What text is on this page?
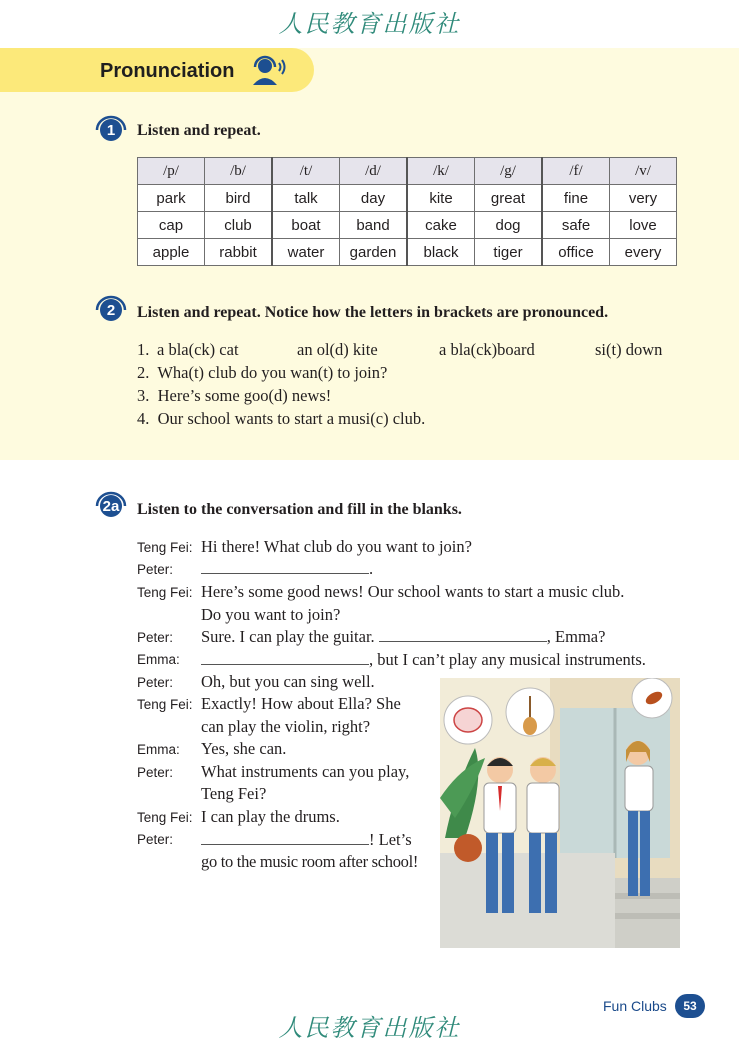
人民教育出版社
Pronunciation
1	Listen and repeat.
/p/	/b/	/t/	/d/	/k/	/g/	/f/	/v/
park	bird	talk	day	kite	great	fine	very
cap	club	boat	band	cake	dog	safe	love
apple	rabbit	water	garden	black	tiger	office	every
2	Listen and repeat. Notice how the letters in brackets are pronounced.
1. a bla(ck) cat	an ol(d) kite	a bla(ck)board	si(t) down
2.  Wha(t) club do you wan(t) to join?
3.  Here’s some goo(d) news!
4.  Our school wants to start a musi(c) club.
2a	Listen to the conversation and fill in the blanks.
Teng Fei: Hi there! What club do you want to join?
Peter:	.
Teng Fei: Here’s some good news! Our school wants to start a music club.
Do you want to join?
Peter: Sure. I can play the guitar.	, Emma?
Emma:	, but I can’t play any musical instruments.
Peter: Oh, but you can sing well.
Teng Fei: Exactly! How about Ella? She
can play the violin, right?
Emma: Yes, she can.
Peter: What instruments can you play,
Teng Fei?
Teng Fei: I can play the drums.
Peter:	! Let’s
go to the music room after school!
Fun Clubs	53
人民教育出版社
